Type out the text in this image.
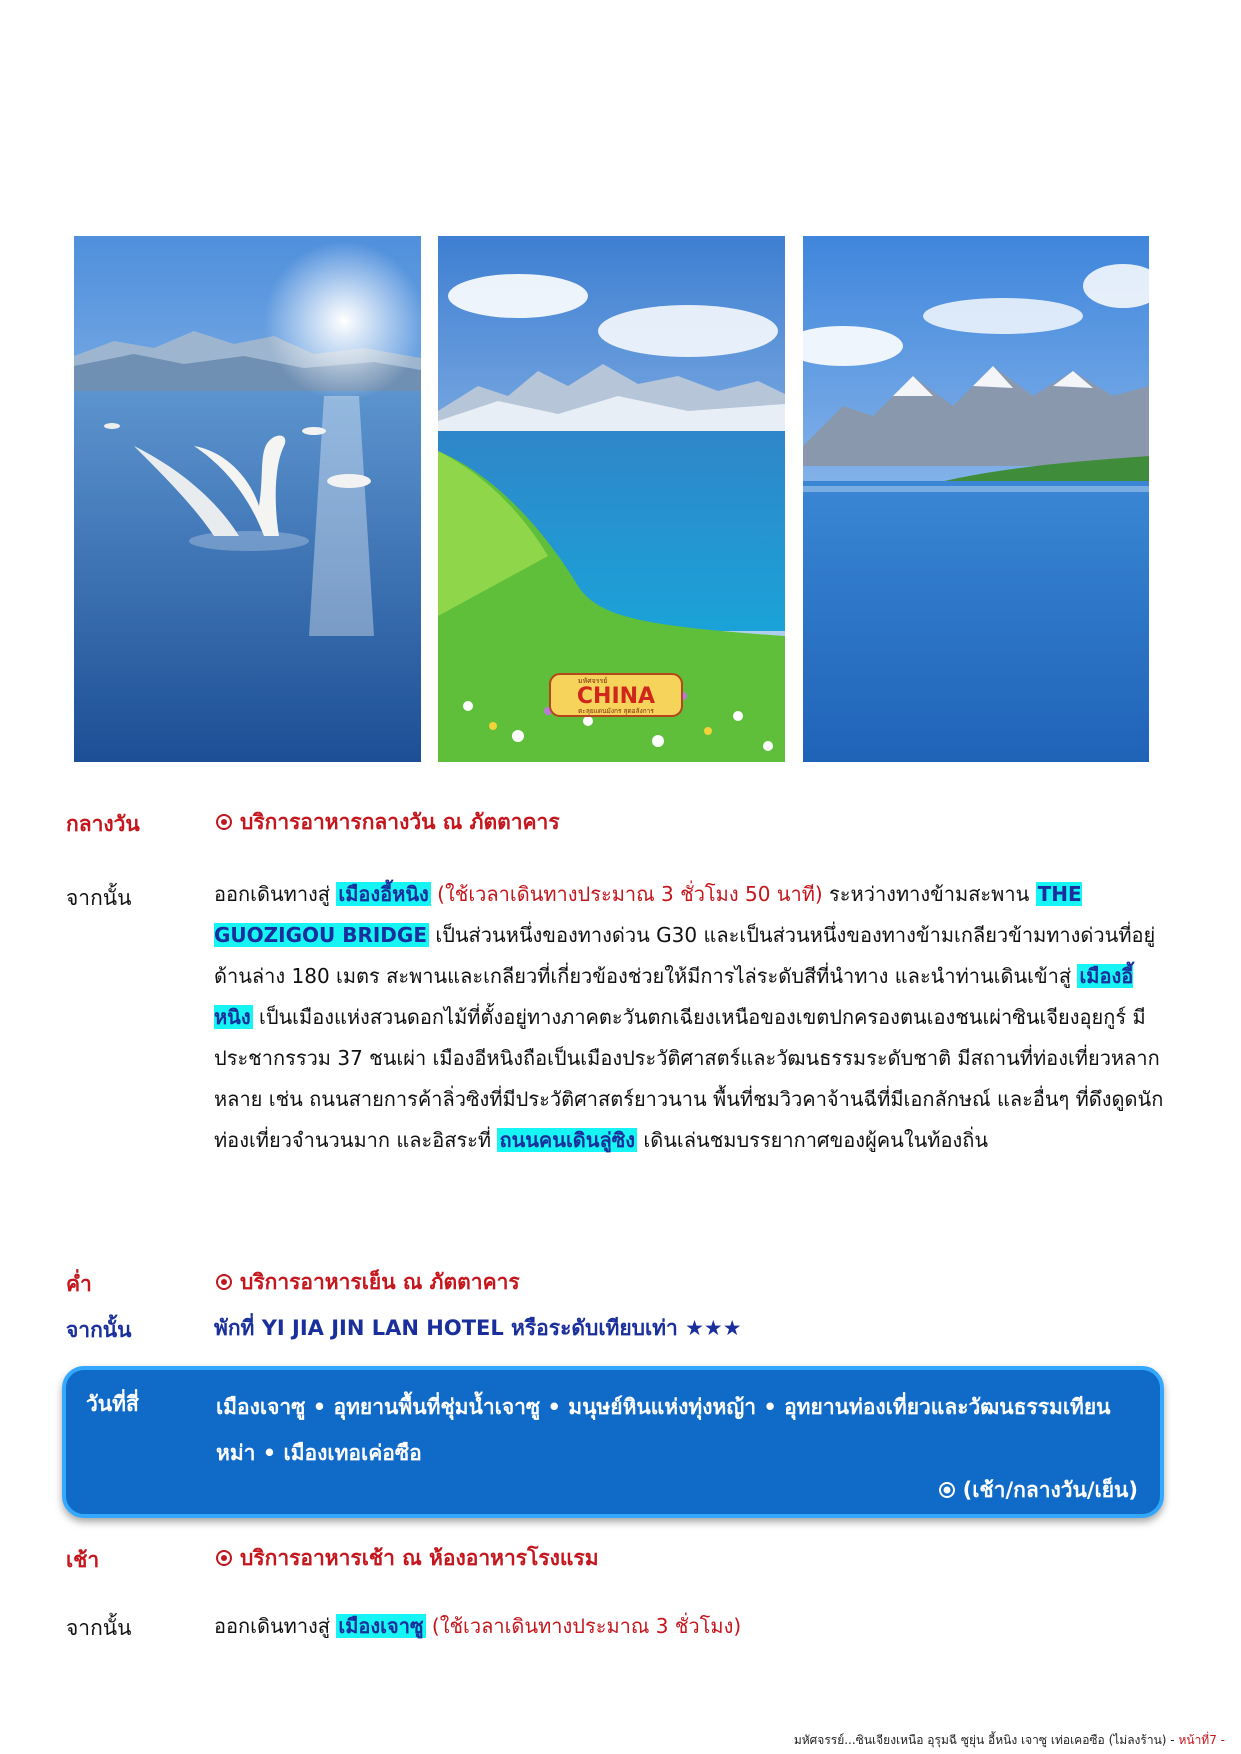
มหัศจรรย์
CHINA
ตะลุยแดนมังกร สุดอลังการ
กลางวัน	บริการอาหารกลางวัน ณ ภัตตาคาร
จากนั้น	ออกเดินทางสู่ เมืองอี้หนิง (ใช้เวลาเดินทางประมาณ 3 ชั่วโมง 50 นาที) ระหว่างทางข้ามสะพาน THE GUOZIGOU BRIDGE เป็นส่วนหนึ่งของทางด่วน G30 และเป็นส่วนหนึ่งของทางข้ามเกลียวข้ามทางด่วนที่อยู่ด้านล่าง 180 เมตร สะพานและเกลียวที่เกี่ยวข้องช่วยให้มีการไล่ระดับสีที่นำทาง และนำท่านเดินเข้าสู่ เมืองอี้หนิง เป็นเมืองแห่งสวนดอกไม้ที่ตั้งอยู่ทางภาคตะวันตกเฉียงเหนือของเขตปกครองตนเองชนเผ่าซินเจียงอุยกูร์ มีประชากรรวม 37 ชนเผ่า เมืองอีหนิงถือเป็นเมืองประวัติศาสตร์และวัฒนธรรมระดับชาติ มีสถานที่ท่องเที่ยวหลากหลาย เช่น ถนนสายการค้าลิ่วซิงที่มีประวัติศาสตร์ยาวนาน พื้นที่ชมวิวคาจ้านฉีที่มีเอกลักษณ์ และอื่นๆ ที่ดึงดูดนักท่องเที่ยวจำนวนมาก และอิสระที่ ถนนคนเดินลู่ซิง เดินเล่นชมบรรยากาศของผู้คนในท้องถิ่น
ค่ำ	บริการอาหารเย็น ณ ภัตตาคาร
จากนั้น	พักที่ YI JIA JIN LAN HOTEL หรือระดับเทียบเท่า ★★★
วันที่สี่	เมืองเจาซู • อุทยานพื้นที่ชุ่มน้ำเจาซู • มนุษย์หินแห่งทุ่งหญ้า • อุทยานท่องเที่ยวและวัฒนธรรมเทียนหม่า • เมืองเทอเค่อซือ
(เช้า/กลางวัน/เย็น)
เช้า	บริการอาหารเช้า ณ ห้องอาหารโรงแรม
จากนั้น	ออกเดินทางสู่ เมืองเจาซู (ใช้เวลาเดินทางประมาณ 3 ชั่วโมง)
มหัศจรรย์...ซินเจียงเหนือ อุรุมฉี ซูยุ่น อี้หนิง เจาซู เท่อเคอซือ (ไม่ลงร้าน) - หน้าที่7 -
